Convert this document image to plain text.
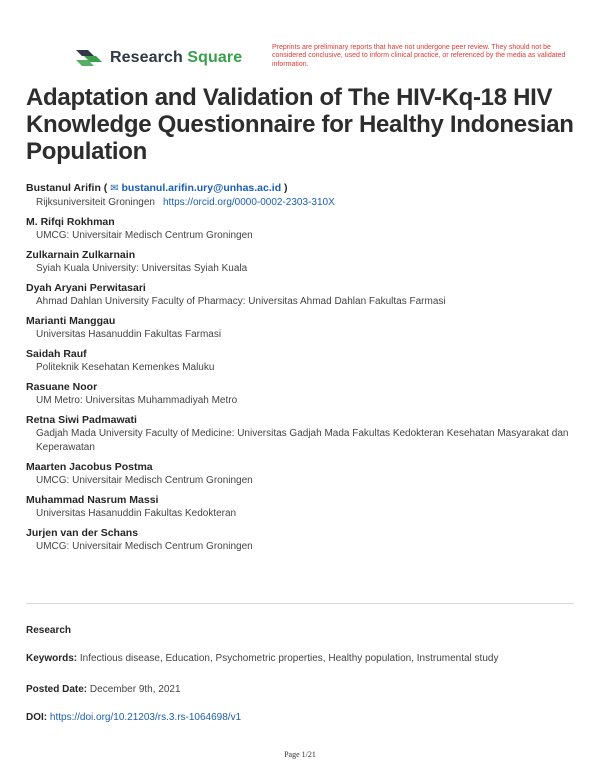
Research Square
Preprints are preliminary reports that have not undergone peer review. They should not be considered conclusive, used to inform clinical practice, or referenced by the media as validated information.
Adaptation and Validation of The HIV-Kq-18 HIV Knowledge Questionnaire for Healthy Indonesian Population
Bustanul Arifin ( ✉ bustanul.arifin.ury@unhas.ac.id )
Rijksuniversiteit Groningen https://orcid.org/0000-0002-2303-310X
M. Rifqi Rokhman
UMCG: Universitair Medisch Centrum Groningen
Zulkarnain Zulkarnain
Syiah Kuala University: Universitas Syiah Kuala
Dyah Aryani Perwitasari
Ahmad Dahlan University Faculty of Pharmacy: Universitas Ahmad Dahlan Fakultas Farmasi
Marianti Manggau
Universitas Hasanuddin Fakultas Farmasi
Saidah Rauf
Politeknik Kesehatan Kemenkes Maluku
Rasuane Noor
UM Metro: Universitas Muhammadiyah Metro
Retna Siwi Padmawati
Gadjah Mada University Faculty of Medicine: Universitas Gadjah Mada Fakultas Kedokteran Kesehatan Masyarakat dan Keperawatan
Maarten Jacobus Postma
UMCG: Universitair Medisch Centrum Groningen
Muhammad Nasrum Massi
Universitas Hasanuddin Fakultas Kedokteran
Jurjen van der Schans
UMCG: Universitair Medisch Centrum Groningen
Research
Keywords: Infectious disease, Education, Psychometric properties, Healthy population, Instrumental study
Posted Date: December 9th, 2021
DOI: https://doi.org/10.21203/rs.3.rs-1064698/v1
Page 1/21
